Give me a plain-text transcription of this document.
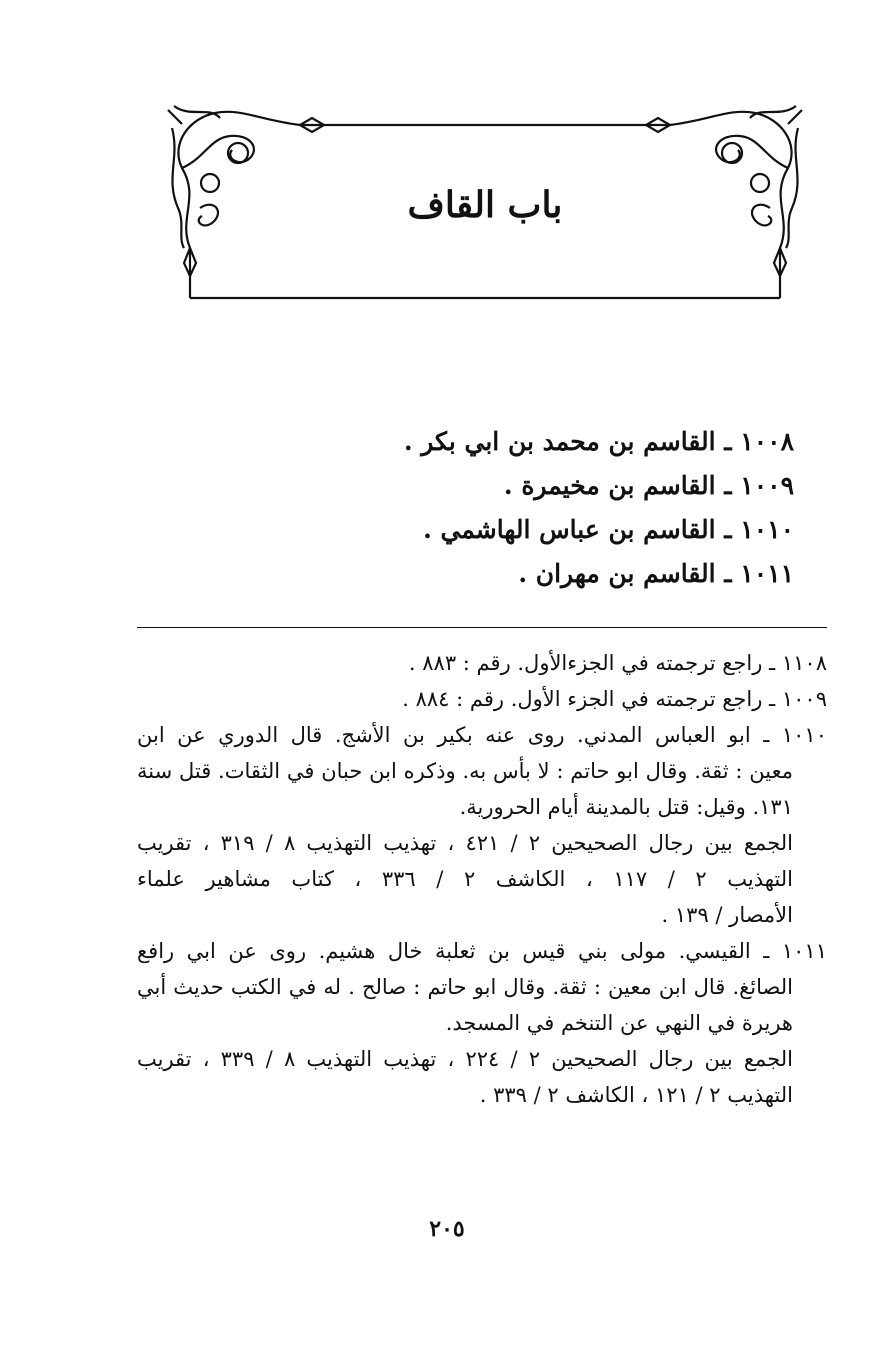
باب القاف
١٠٠٨ ـ القاسم بن محمد بن ابي بكر .
١٠٠٩ ـ القاسم بن مخيمرة .
١٠١٠ ـ القاسم بن عباس الهاشمي .
١٠١١ ـ القاسم بن مهران .
١١٠٨ ـ راجع ترجمته في الجزءالأول. رقم : ٨٨٣ .
١٠٠٩ ـ راجع ترجمته في الجزء الأول. رقم : ٨٨٤ .
١٠١٠ ـ ابو العباس المدني. روى عنه بكير بن الأشج. قال الدوري عن ابن
معين : ثقة. وقال ابو حاتم : لا بأس به. وذكره ابن حبان في الثقات. قتل سنة
١٣١. وقيل: قتل بالمدينة أيام الحرورية.
الجمع بين رجال الصحيحين ٢ / ٤٢١ ، تهذيب التهذيب ٨ / ٣١٩ ، تقريب
التهذيب ٢ / ١١٧ ، الكاشف ٢ / ٣٣٦ ، كتاب مشاهير علماء
الأمصار / ١٣٩ .
١٠١١ ـ القيسي. مولى بني قيس بن ثعلبة خال هشيم. روى عن ابي رافع
الصائغ. قال ابن معين : ثقة. وقال ابو حاتم : صالح . له في الكتب حديث أبي
هريرة في النهي عن التنخم في المسجد.
الجمع بين رجال الصحيحين ٢ / ٢٢٤ ، تهذيب التهذيب ٨ / ٣٣٩ ، تقريب
التهذيب ٢ / ١٢١ ، الكاشف ٢ / ٣٣٩ .
٢٠٥
